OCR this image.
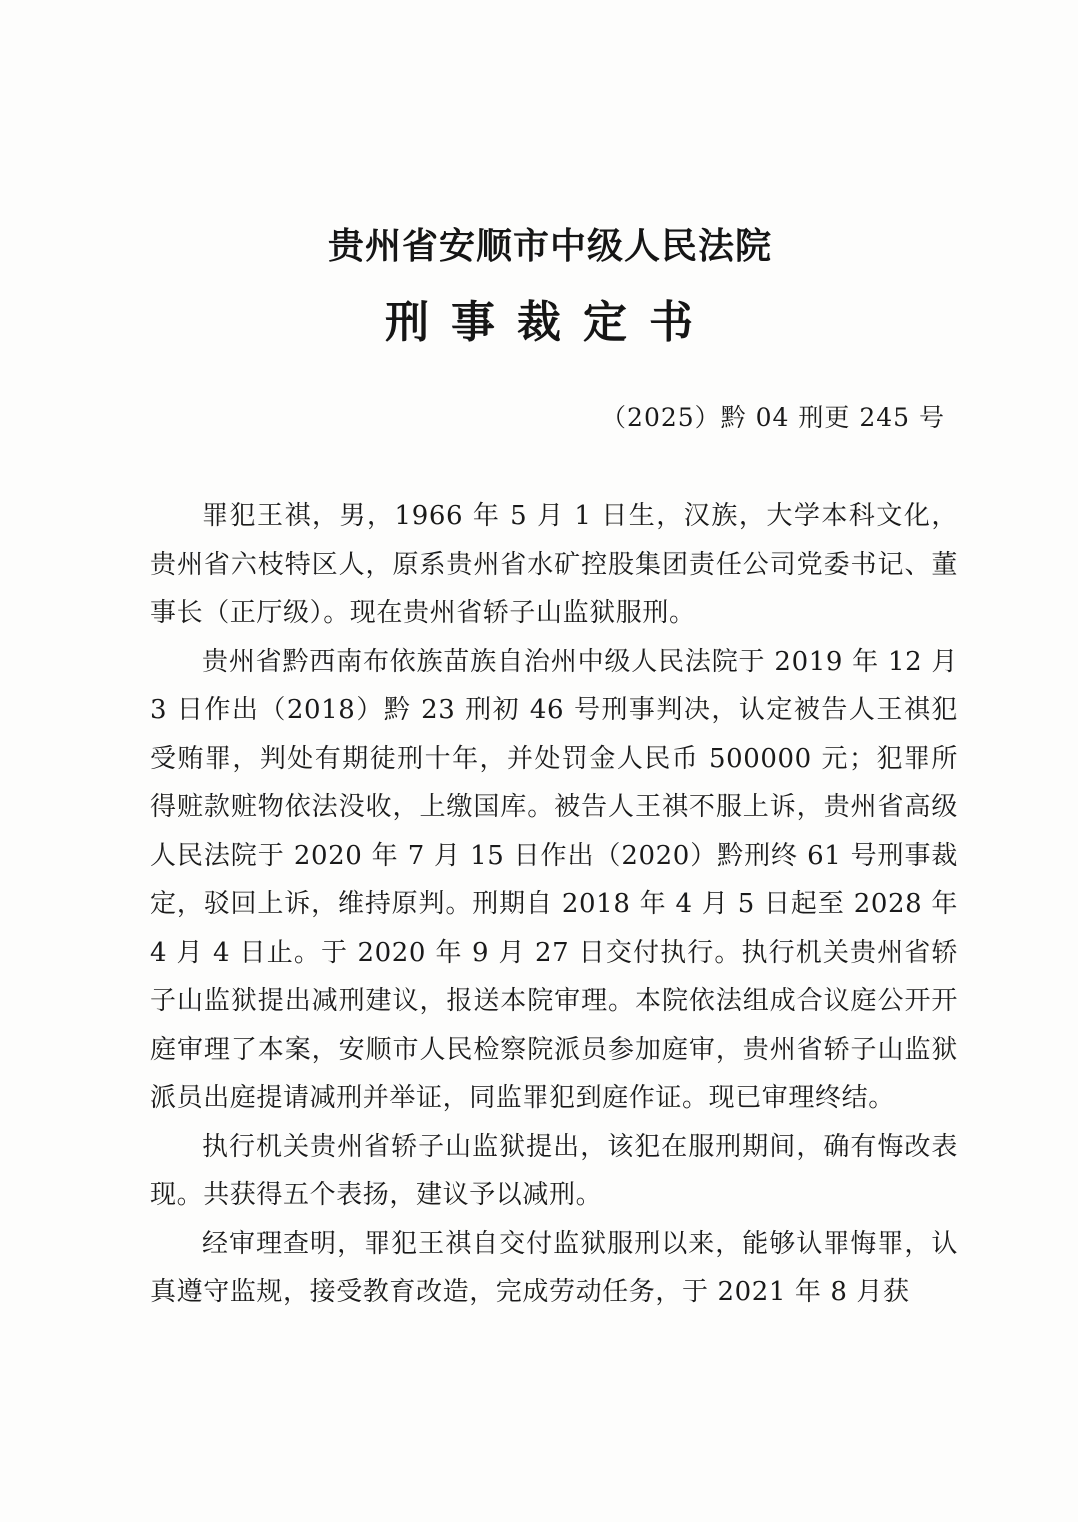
贵州省安顺市中级人民法院
刑事裁定书
（2025）黔 04 刑更 245 号

罪犯王祺，男，1966 年 5 月 1 日生，汉族，大学本科文化，贵州省六枝特区人，原系贵州省水矿控股集团责任公司党委书记、董事长（正厅级）。现在贵州省轿子山监狱服刑。

贵州省黔西南布依族苗族自治州中级人民法院于 2019 年 12 月 3 日作出（2018）黔 23 刑初 46 号刑事判决，认定被告人王祺犯受贿罪，判处有期徒刑十年，并处罚金人民币 500000 元；犯罪所得赃款赃物依法没收，上缴国库。被告人王祺不服上诉，贵州省高级人民法院于 2020 年 7 月 15 日作出（2020）黔刑终 61 号刑事裁定，驳回上诉，维持原判。刑期自 2018 年 4 月 5 日起至 2028 年 4 月 4 日止。于 2020 年 9 月 27 日交付执行。执行机关贵州省轿子山监狱提出减刑建议，报送本院审理。本院依法组成合议庭公开开庭审理了本案，安顺市人民检察院派员参加庭审，贵州省轿子山监狱派员出庭提请减刑并举证，同监罪犯到庭作证。现已审理终结。

执行机关贵州省轿子山监狱提出，该犯在服刑期间，确有悔改表现。共获得五个表扬，建议予以减刑。

经审理查明，罪犯王祺自交付监狱服刑以来，能够认罪悔罪，认真遵守监规，接受教育改造，完成劳动任务，于 2021 年 8 月获
